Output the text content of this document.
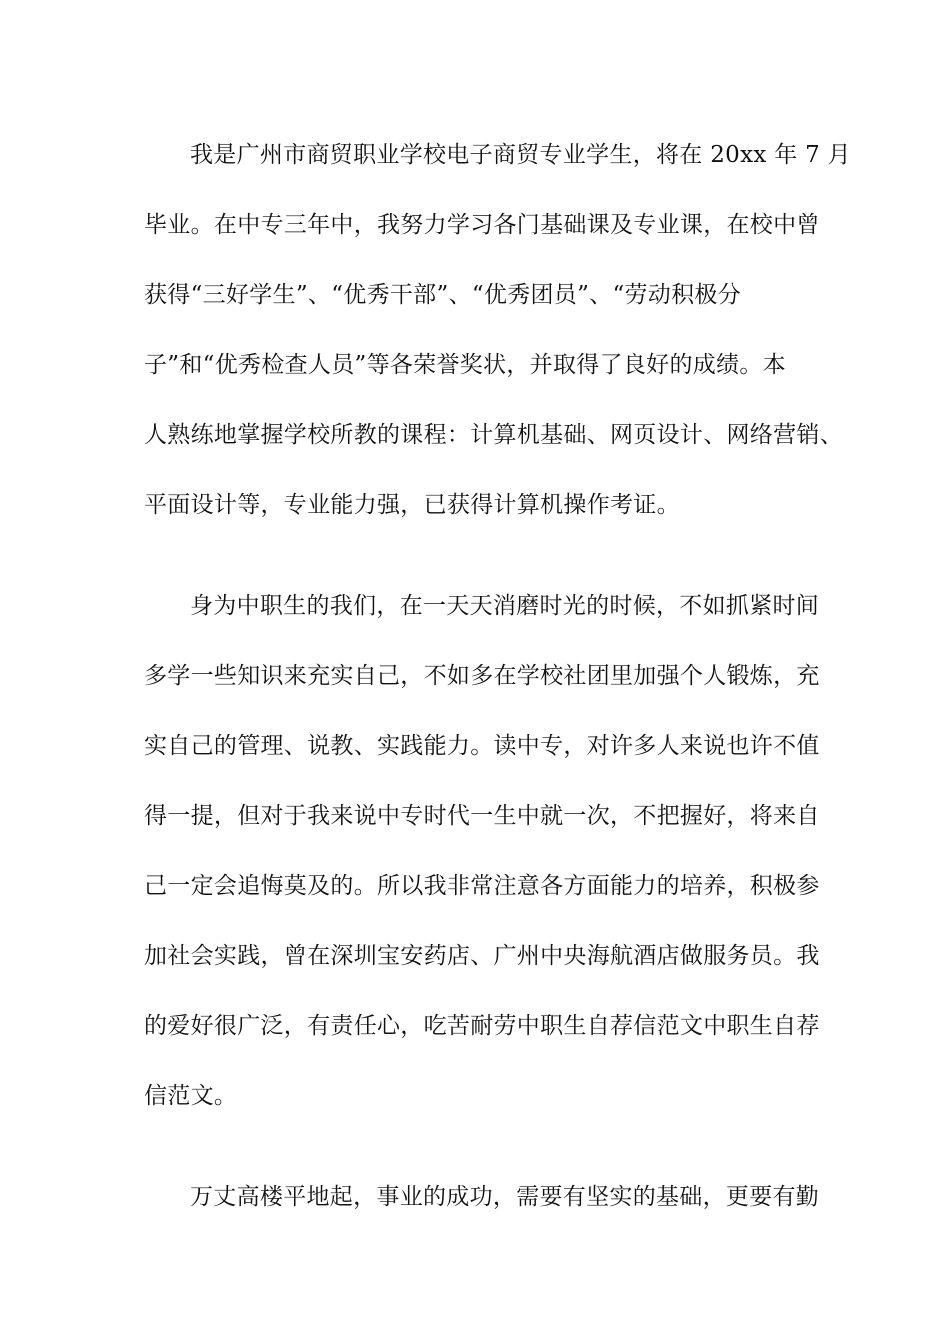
我是广州市商贸职业学校电子商贸专业学生，将在 20xx 年 7 月

毕业。在中专三年中，我努力学习各门基础课及专业课，在校中曾

获得“三好学生”、“优秀干部”、“优秀团员”、“劳动积极分

子”和“优秀检查人员”等各荣誉奖状，并取得了良好的成绩。本

人熟练地掌握学校所教的课程：计算机基础、网页设计、网络营销、

平面设计等，专业能力强，已获得计算机操作考证。

身为中职生的我们，在一天天消磨时光的时候，不如抓紧时间

多学一些知识来充实自己，不如多在学校社团里加强个人锻炼，充

实自己的管理、说教、实践能力。读中专，对许多人来说也许不值

得一提，但对于我来说中专时代一生中就一次，不把握好，将来自

己一定会追悔莫及的。所以我非常注意各方面能力的培养，积极参

加社会实践，曾在深圳宝安药店、广州中央海航酒店做服务员。我

的爱好很广泛，有责任心，吃苦耐劳中职生自荐信范文中职生自荐

信范文。

万丈高楼平地起，事业的成功，需要有坚实的基础，更要有勤
